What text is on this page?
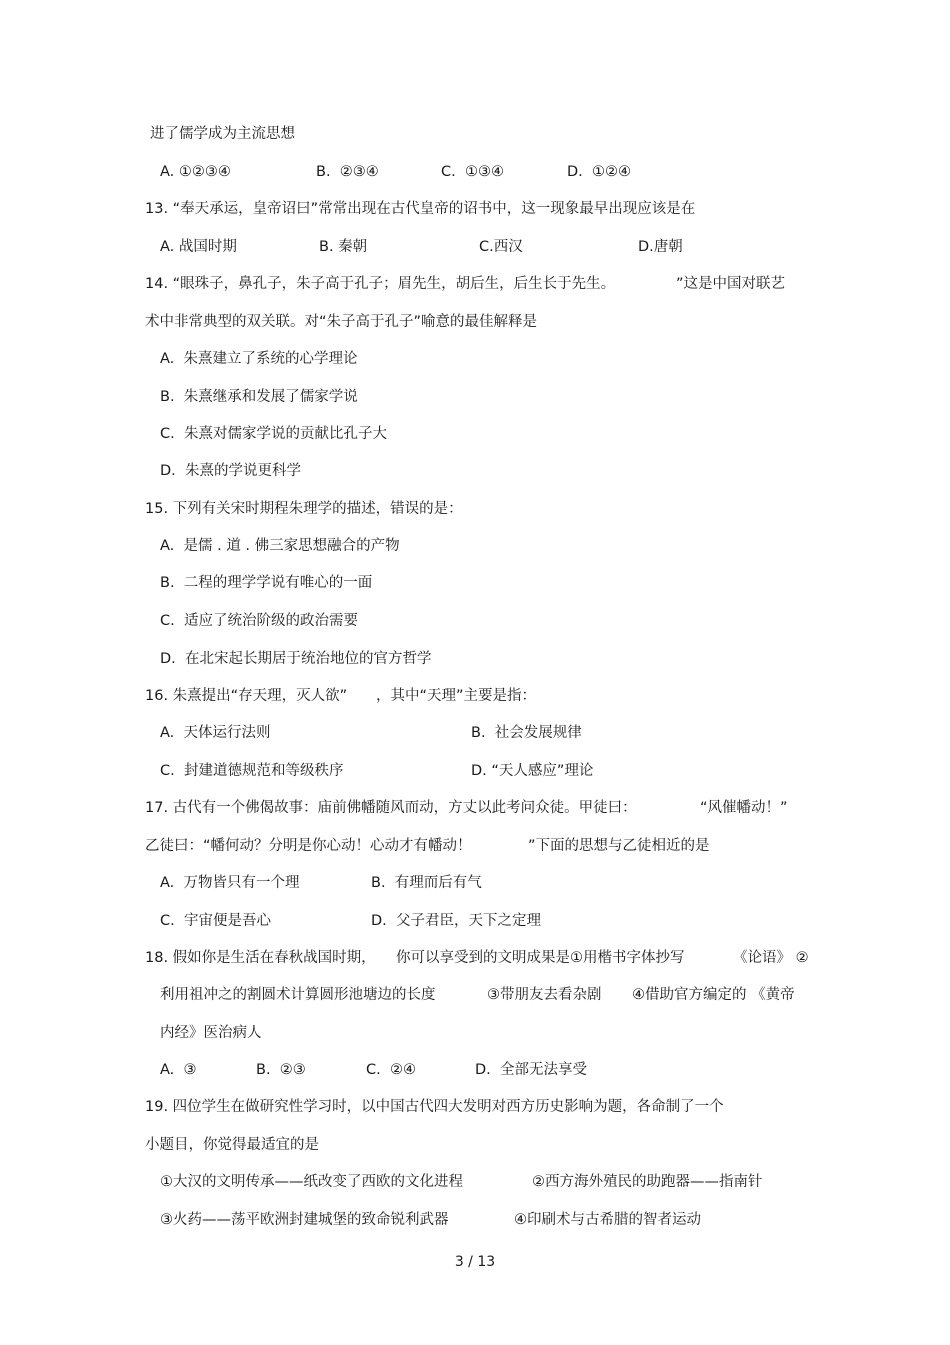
进了儒学成为主流思想
A. ①②③④	B.  ②③④	C.  ①③④	D.  ①②④
13. “奉天承运，皇帝诏曰”常常出现在古代皇帝的诏书中，这一现象最早出现应该是在
A. 战国时期	B. 秦朝	C.西汉	D.唐朝
14. “眼珠子，鼻孔子，朱子高于孔子；眉先生，胡后生，后生长于先生。	”这是中国对联艺
术中非常典型的双关联。对“朱子高于孔子”喻意的最佳解释是
A.  朱熹建立了系统的心学理论
B.  朱熹继承和发展了儒家学说
C.  朱熹对儒家学说的贡献比孔子大
D.  朱熹的学说更科学
15. 下列有关宋时期程朱理学的描述，错误的是：
A.  是儒 . 道 . 佛三家思想融合的产物
B.  二程的理学学说有唯心的一面
C.  适应了统治阶级的政治需要
D.  在北宋起长期居于统治地位的官方哲学
16. 朱熹提出“存天理，灭人欲” ，其中“天理”主要是指：
A.  天体运行法则	B.  社会发展规律
C.  封建道德规范和等级秩序	D. “天人感应”理论
17. 古代有一个佛偈故事：庙前佛幡随风而动，方丈以此考问众徒。甲徒曰：	“风催幡动！”
乙徒曰：“幡何动？分明是你心动！心动才有幡动！	”下面的思想与乙徒相近的是
A.  万物皆只有一个理	B.  有理而后有气
C.  宇宙便是吾心	D.  父子君臣，天下之定理
18. 假如你是生活在春秋战国时期， 你可以享受到的文明成果是①用楷书字体抄写	《论语》 ②
利用祖冲之的割圆术计算圆形池塘边的长度	③带朋友去看杂剧 ④借助官方编定的 《黄帝
内经》医治病人
A.  ③	B.  ②③	C.  ②④	D.  全部无法享受
19. 四位学生在做研究性学习时，以中国古代四大发明对西方历史影响为题，各命制了一个
小题目，你觉得最适宜的是
①大汉的文明传承——纸改变了西欧的文化进程	②西方海外殖民的助跑器——指南针
③火药——荡平欧洲封建城堡的致命锐利武器	④印刷术与古希腊的智者运动
3 / 13
